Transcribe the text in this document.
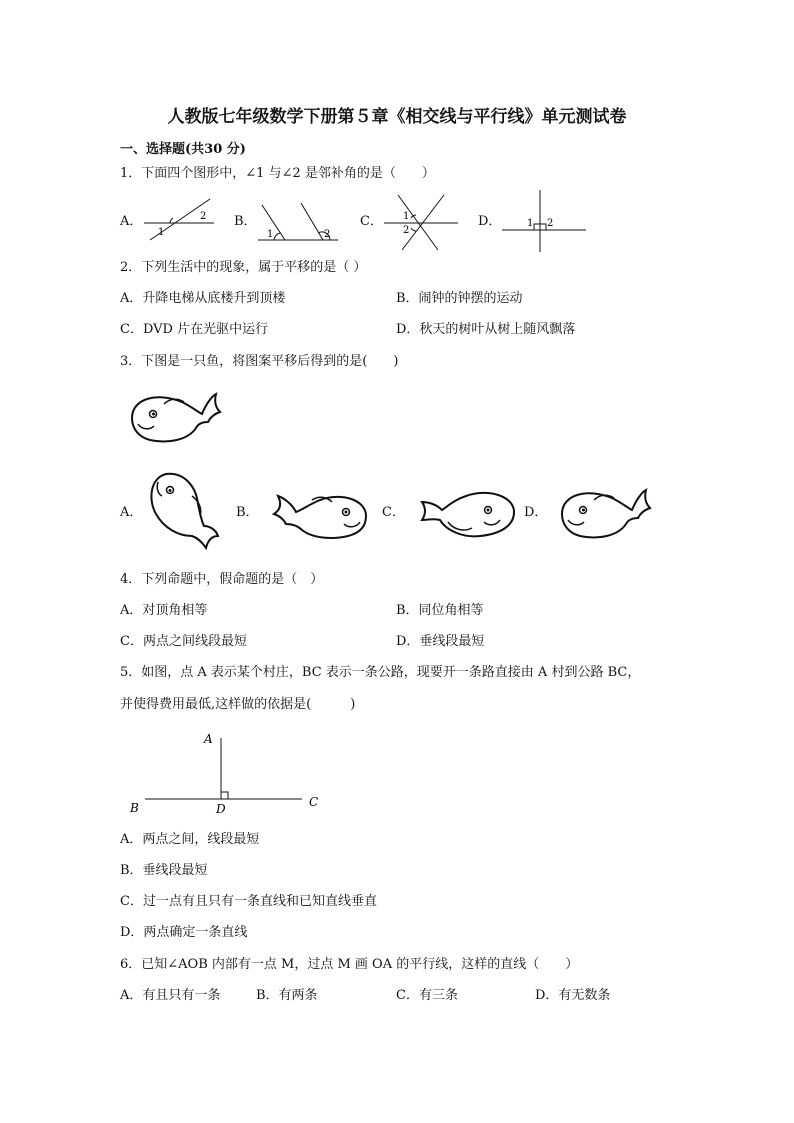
人教版七年级数学下册第５章《相交线与平行线》单元测试卷
一、选择题(共30 分)
1．下面四个图形中，∠1 与∠2 是邻补角的是（　　）
A．	B．	C．	D．
1
2
1	2
1
2
1 2
2．下列生活中的现象，属于平移的是（ ）
A．升降电梯从底楼升到顶楼	B．闹钟的钟摆的运动
C．DVD 片在光驱中运行	D．秋天的树叶从树上随风飘落
3．下图是一只鱼，将图案平移后得到的是(　　)
A．	B．	C．	D．
4．下列命题中，假命题的是（　）
A．对顶角相等	B．同位角相等
C．两点之间线段最短	D．垂线段最短
5．如图，点 A 表示某个村庄，BC 表示一条公路，现要开一条路直接由 A 村到公路 BC，
并使得费用最低,这样做的依据是(　　　)
A
B	C
D
A．两点之间，线段最短
B．垂线段最短
C．过一点有且只有一条直线和已知直线垂直
D．两点确定一条直线
6．已知∠AOB 内部有一点 M，过点 M 画 OA 的平行线，这样的直线（　　）
A．有且只有一条	B．有两条	C．有三条	D．有无数条
